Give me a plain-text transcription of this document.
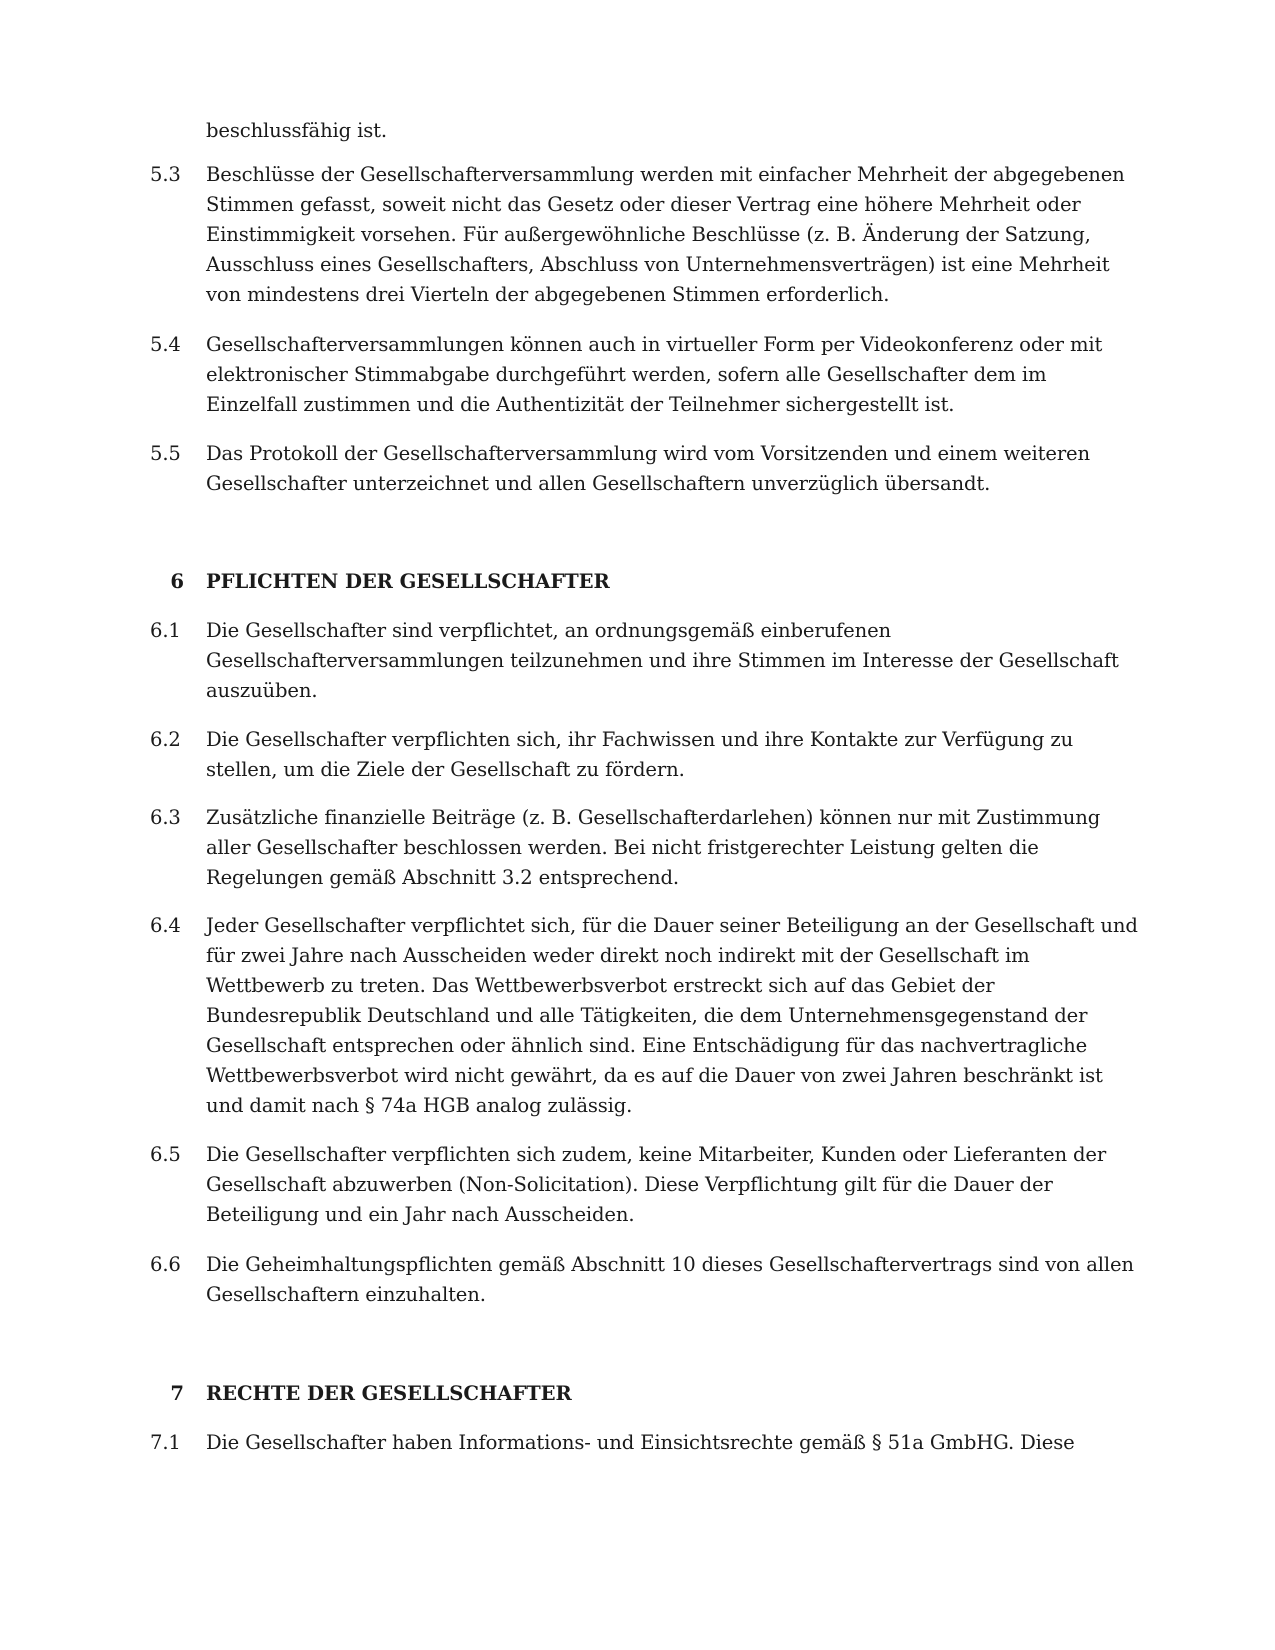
beschlussfähig ist.
5.3	Beschlüsse der Gesellschafterversammlung werden mit einfacher Mehrheit der abgegebenen
Stimmen gefasst, soweit nicht das Gesetz oder dieser Vertrag eine höhere Mehrheit oder
Einstimmigkeit vorsehen. Für außergewöhnliche Beschlüsse (z. B. Änderung der Satzung,
Ausschluss eines Gesellschafters, Abschluss von Unternehmensverträgen) ist eine Mehrheit
von mindestens drei Vierteln der abgegebenen Stimmen erforderlich.
5.4	Gesellschafterversammlungen können auch in virtueller Form per Videokonferenz oder mit
elektronischer Stimmabgabe durchgeführt werden, sofern alle Gesellschafter dem im
Einzelfall zustimmen und die Authentizität der Teilnehmer sichergestellt ist.
5.5	Das Protokoll der Gesellschafterversammlung wird vom Vorsitzenden und einem weiteren
Gesellschafter unterzeichnet und allen Gesellschaftern unverzüglich übersandt.
6 PFLICHTEN DER GESELLSCHAFTER
6.1	Die Gesellschafter sind verpflichtet, an ordnungsgemäß einberufenen
Gesellschafterversammlungen teilzunehmen und ihre Stimmen im Interesse der Gesellschaft
auszuüben.
6.2	Die Gesellschafter verpflichten sich, ihr Fachwissen und ihre Kontakte zur Verfügung zu
stellen, um die Ziele der Gesellschaft zu fördern.
6.3	Zusätzliche finanzielle Beiträge (z. B. Gesellschafterdarlehen) können nur mit Zustimmung
aller Gesellschafter beschlossen werden. Bei nicht fristgerechter Leistung gelten die
Regelungen gemäß Abschnitt 3.2 entsprechend.
6.4	Jeder Gesellschafter verpflichtet sich, für die Dauer seiner Beteiligung an der Gesellschaft und
für zwei Jahre nach Ausscheiden weder direkt noch indirekt mit der Gesellschaft im
Wettbewerb zu treten. Das Wettbewerbsverbot erstreckt sich auf das Gebiet der
Bundesrepublik Deutschland und alle Tätigkeiten, die dem Unternehmensgegenstand der
Gesellschaft entsprechen oder ähnlich sind. Eine Entschädigung für das nachvertragliche
Wettbewerbsverbot wird nicht gewährt, da es auf die Dauer von zwei Jahren beschränkt ist
und damit nach § 74a HGB analog zulässig.
6.5	Die Gesellschafter verpflichten sich zudem, keine Mitarbeiter, Kunden oder Lieferanten der
Gesellschaft abzuwerben (Non-Solicitation). Diese Verpflichtung gilt für die Dauer der
Beteiligung und ein Jahr nach Ausscheiden.
6.6	Die Geheimhaltungspflichten gemäß Abschnitt 10 dieses Gesellschaftervertrags sind von allen
Gesellschaftern einzuhalten.
7 RECHTE DER GESELLSCHAFTER
7.1	Die Gesellschafter haben Informations- und Einsichtsrechte gemäß § 51a GmbHG. Diese
